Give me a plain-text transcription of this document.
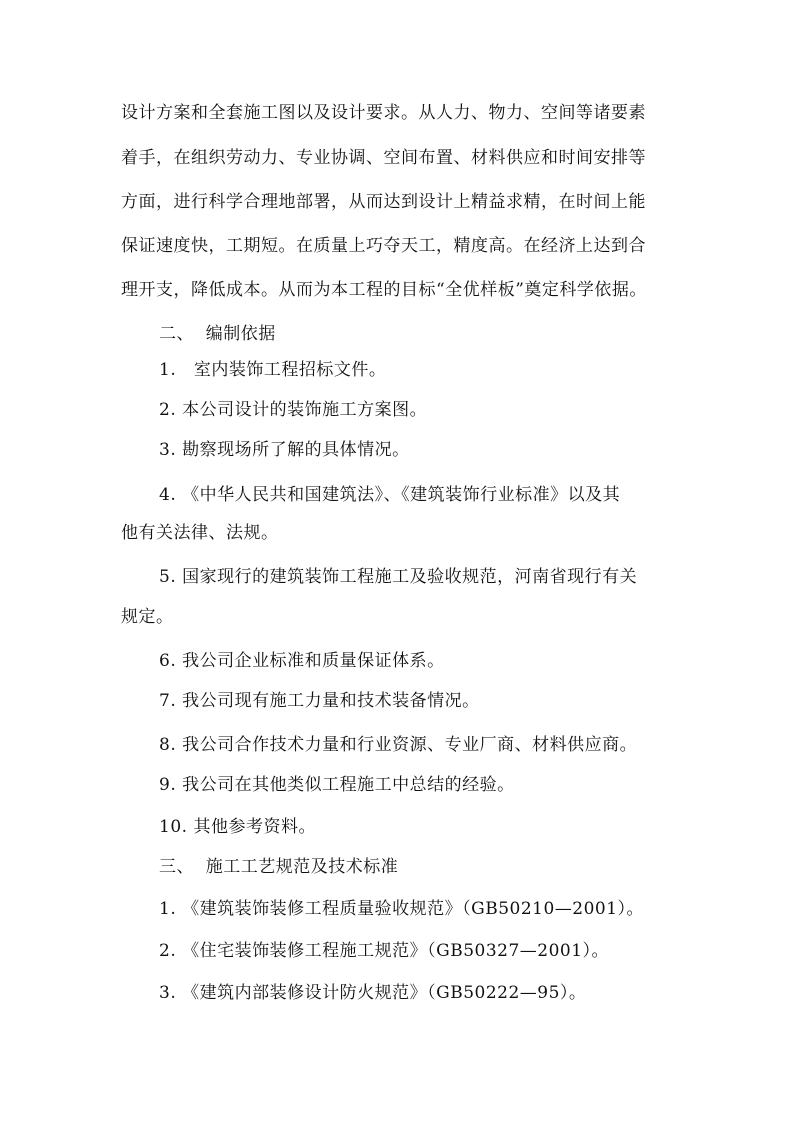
设计方案和全套施工图以及设计要求。从人力、物力、空间等诸要素
着手，在组织劳动力、专业协调、空间布置、材料供应和时间安排等
方面，进行科学合理地部署，从而达到设计上精益求精，在时间上能
保证速度快，工期短。在质量上巧夺天工，精度高。在经济上达到合
理开支，降低成本。从而为本工程的目标“全优样板”奠定科学依据。
二、  编制依据
1.   室内装饰工程招标文件。
2. 本公司设计的装饰施工方案图。
3. 勘察现场所了解的具体情况。
4. 《中华人民共和国建筑法》、《建筑装饰行业标准》以及其
他有关法律、法规。
5. 国家现行的建筑装饰工程施工及验收规范，河南省现行有关
规定。
6. 我公司企业标准和质量保证体系。
7. 我公司现有施工力量和技术装备情况。
8. 我公司合作技术力量和行业资源、专业厂商、材料供应商。
9. 我公司在其他类似工程施工中总结的经验。
10. 其他参考资料。
三、  施工工艺规范及技术标准
1. 《建筑装饰装修工程质量验收规范》（GB50210—2001）。
2. 《住宅装饰装修工程施工规范》（GB50327—2001）。
3. 《建筑内部装修设计防火规范》（GB50222—95）。
